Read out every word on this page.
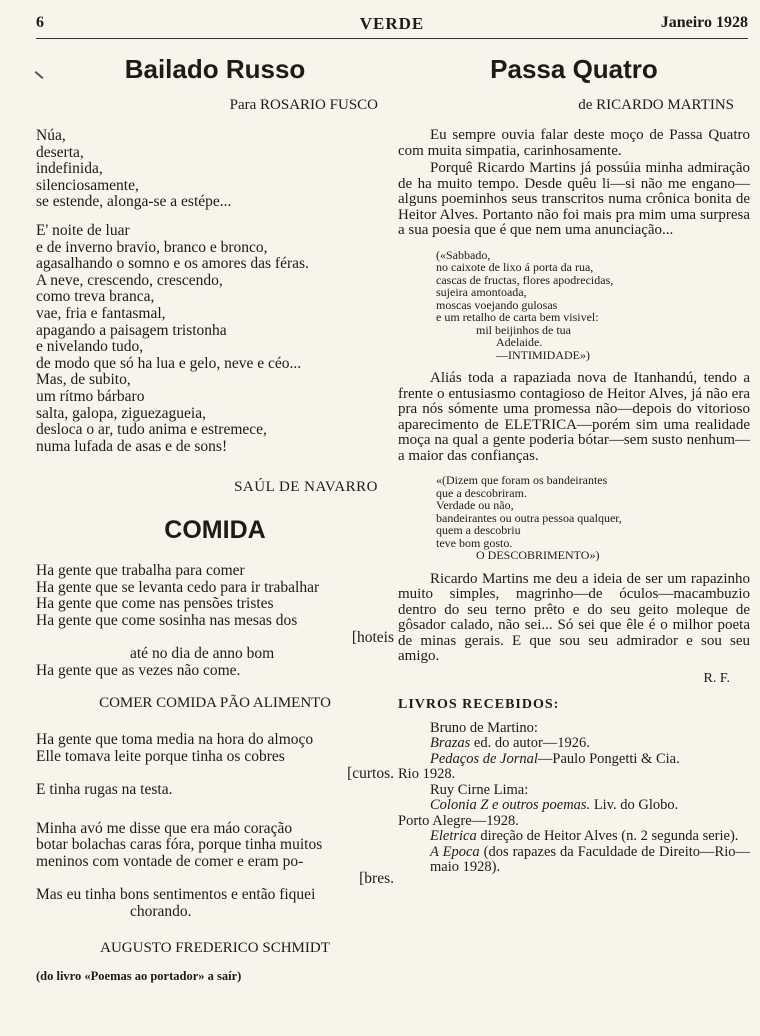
6	VERDE	Janeiro 1928
Bailado Russo
Para ROSARIO FUSCO
Núa,
deserta,
indefinida,
silenciosamente,
se estende, alonga-se a estépe...
E' noite de luar
e de inverno bravio, branco e bronco,
agasalhando o somno e os amores das féras.
A neve, crescendo, crescendo,
como treva branca,
vae, fria e fantasmal,
apagando a paisagem tristonha
e nivelando tudo,
de modo que só ha lua e gelo, neve e céo...
Mas, de subito,
um rítmo bárbaro
salta, galopa, ziguezagueia,
desloca o ar, tudo anima e estremece,
numa lufada de asas e de sons!
SAÚL DE NAVARRO
COMIDA
Ha gente que trabalha para comer
Ha gente que se levanta cedo para ir trabalhar
Ha gente que come nas pensões tristes
Ha gente que come sosinha nas mesas dos
[hoteis
até no dia de anno bom
Ha gente que as vezes não come.
COMER COMIDA PÃO ALIMENTO
Ha gente que toma media na hora do almoço
Elle tomava leite porque tinha os cobres
[curtos.
E tinha rugas na testa.
Minha avó me disse que era máo coração
botar bolachas caras fóra, porque tinha muitos
meninos com vontade de comer e eram po-
[bres.
Mas eu tinha bons sentimentos e então fiquei
chorando.
AUGUSTO FREDERICO SCHMIDT
(do livro «Poemas ao portador» a saír)
Passa Quatro
de RICARDO MARTINS

Eu sempre ouvia falar deste moço de Passa Quatro com muita simpatia, carinhosamente.

Porquê Ricardo Martins já possúia minha admiração de ha muito tempo. Desde quêu li—si não me engano—alguns poeminhos seus transcritos numa crônica bonita de Heitor Alves. Portanto não foi mais pra mim uma surpresa a sua poesia que é que nem uma anunciação...

(«Sabbado,
no caixote de lixo á porta da rua,
cascas de fructas, flores apodrecidas,
sujeira amontoada,
moscas voejando gulosas
e um retalho de carta bem visivel:
mil beijinhos de tua
Adelaide.
—INTIMIDADE»)

Aliás toda a rapaziada nova de Itanhandú, tendo a frente o entusiasmo contagioso de Heitor Alves, já não era pra nós sómente uma promessa não—depois do vitorioso aparecimento de ELETRICA—porém sim uma realidade moça na qual a gente poderia bótar—sem susto nenhum—a maior das confianças.

«(Dizem que foram os bandeirantes
que a descobriram.
Verdade ou não,
bandeirantes ou outra pessoa qualquer,
quem a descobriu
teve bom gosto.
O DESCOBRIMENTO»)

Ricardo Martins me deu a ideia de ser um rapazinho muito simples, magrinho—de óculos—macambuzio dentro do seu terno prêto e do seu geito moleque de gôsador calado, não sei... Só sei que êle é o milhor poeta de minas gerais. E que sou seu admirador e sou seu amigo.

R. F.
LIVROS RECEBIDOS:
Bruno de Martino:
Brazas ed. do autor—1926.
Pedaços de Jornal—Paulo Pongetti & Cia.
Rio 1928.
Ruy Cirne Lima:
Colonia Z e outros poemas. Liv. do Globo.
Porto Alegre—1928.
Eletrica direção de Heitor Alves (n. 2 segunda serie).
A Epoca (dos rapazes da Faculdade de Direito—Rio—maio 1928).
